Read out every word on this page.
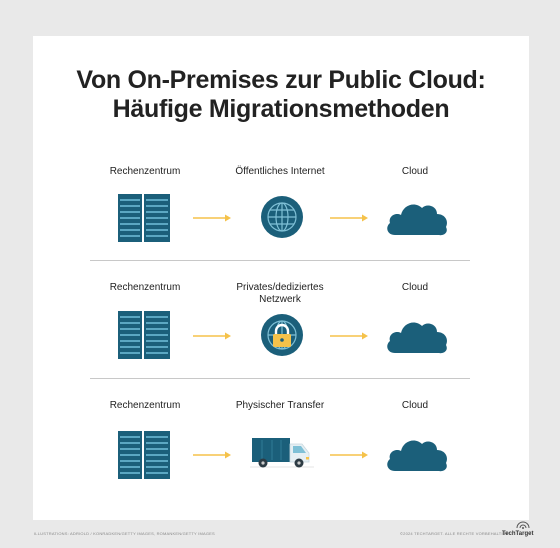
Von On-Premises zur Public Cloud:
Häufige Migrationsmethoden
Rechenzentrum	Öffentliches Internet	Cloud
Rechenzentrum	Privates/dediziertes Netzwerk
Cloud
Rechenzentrum	Physischer Transfer	Cloud
ILLUSTRATIONS: ADRIOLD / KONRADKEN/GETTY IMAGES, ROMANKEN/GETTY IMAGES	©2024 TECHTARGET. ALLE RECHTE VORBEHALTEN.
TechTarget
